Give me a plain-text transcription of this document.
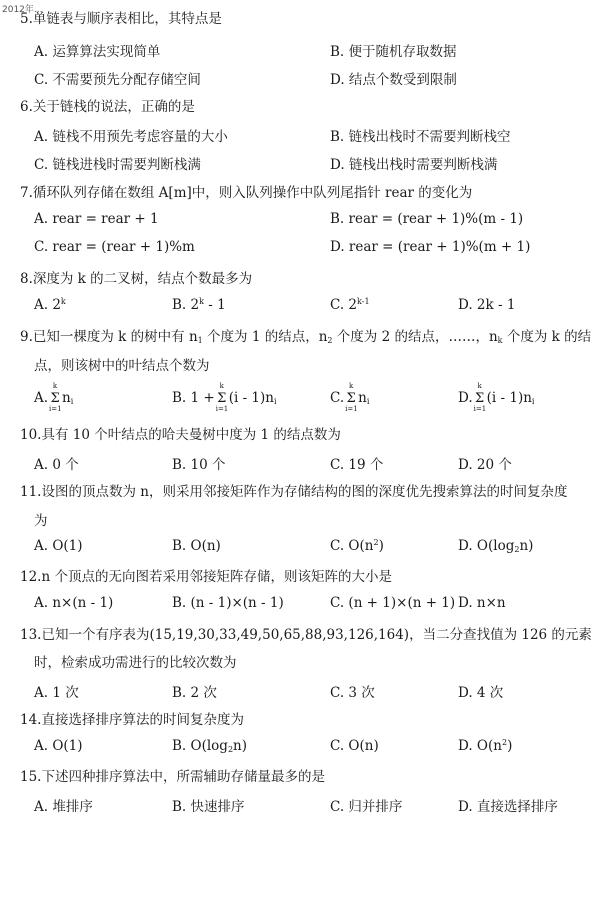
2012年...
5.单链表与顺序表相比，其特点是
A. 运算算法实现简单	B. 便于随机存取数据
C. 不需要预先分配存储空间	D. 结点个数受到限制
6.关于链栈的说法，正确的是
A. 链栈不用预先考虑容量的大小	B. 链栈出栈时不需要判断栈空
C. 链栈进栈时需要判断栈满	D. 链栈出栈时需要判断栈满
7.循环队列存储在数组 A[m]中，则入队列操作中队列尾指针 rear 的变化为
A. rear = rear + 1	B. rear = (rear + 1)%(m - 1)
C. rear = (rear + 1)%m	D. rear = (rear + 1)%(m + 1)
8.深度为 k 的二叉树，结点个数最多为
A. 2$^k$	B. 2$^k$ - 1	C. 2$^{k-1}$	D. 2k - 1
9.已知一棵度为 k 的树中有 $n_1$ 个度为 1 的结点，$n_2$ 个度为 2 的结点，……，$n_k$ 个度为 k 的结
点，则该树中的叶结点个数为
A.
k
Σ
i=1
$n_i$	B. 1 +
k
Σ
i=1
$(i - 1)n_i$	C.
k
Σ
i=1
$n_i$	D.
k
Σ
i=1
$(i - 1)n_i$
10.具有 10 个叶结点的哈夫曼树中度为 1 的结点数为
A. 0 个	B. 10 个	C. 19 个	D. 20 个
11.设图的顶点数为 n，则采用邻接矩阵作为存储结构的图的深度优先搜索算法的时间复杂度
为
A. O(1)	B. O(n)	C. $O(n^2)$	D. $O(\log_2n)$
12.n 个顶点的无向图若采用邻接矩阵存储，则该矩阵的大小是
A. n×(n - 1)	B. (n - 1)×(n - 1)	C. (n + 1)×(n + 1) D. n×n
13.已知一个有序表为(15,19,30,33,49,50,65,88,93,126,164)，当二分查找值为 126 的元素
时，检索成功需进行的比较次数为
A. 1 次	B. 2 次	C. 3 次	D. 4 次
14.直接选择排序算法的时间复杂度为
A. O(1)	B. $O(\log_2n)$	C. O(n)	D. $O(n^2)$
15.下述四种排序算法中，所需辅助存储量最多的是
A. 堆排序	B. 快速排序	C. 归并排序	D. 直接选择排序
